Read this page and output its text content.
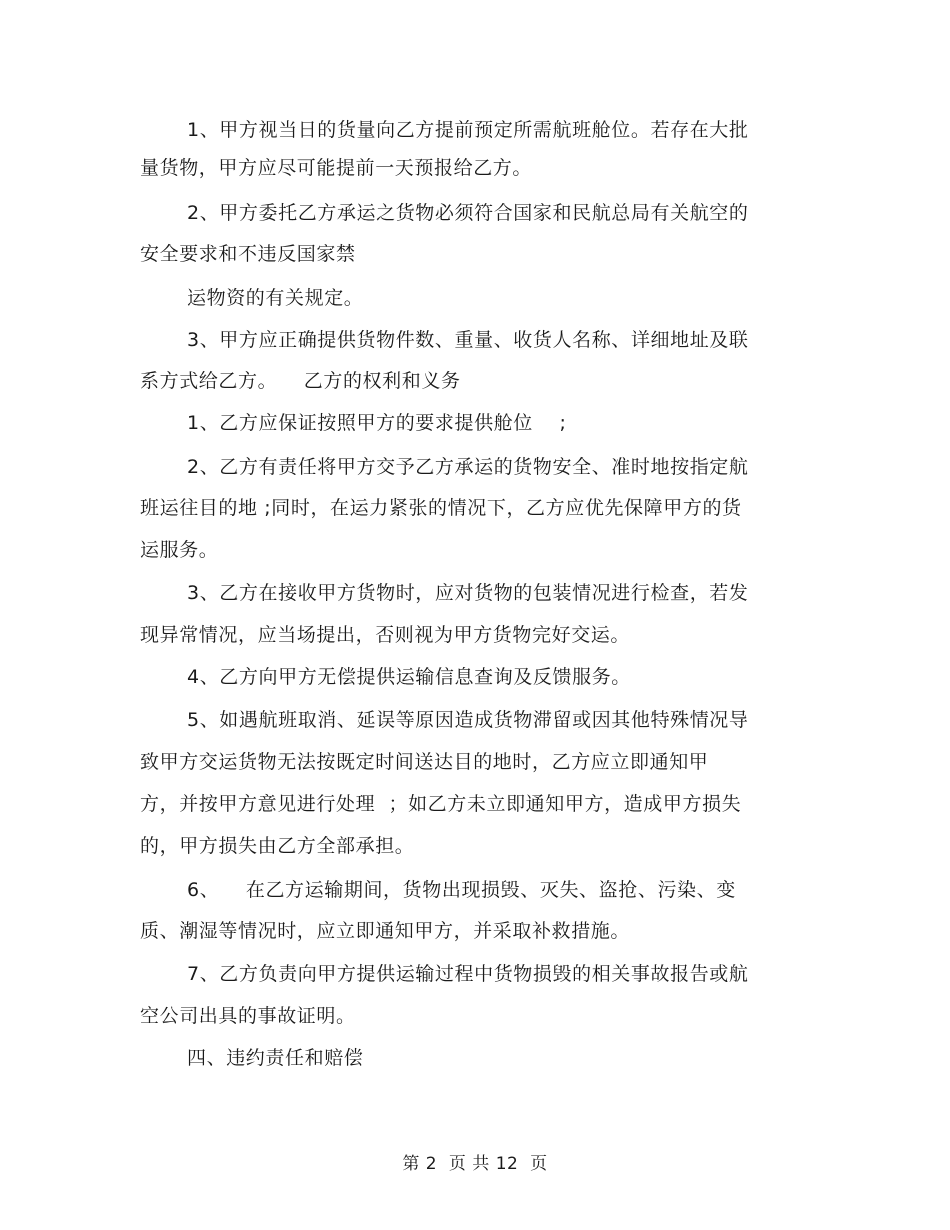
1、甲方视当日的货量向乙方提前预定所需航班舱位。若存在大批
量货物，甲方应尽可能提前一天预报给乙方。
2、甲方委托乙方承运之货物必须符合国家和民航总局有关航空的
安全要求和不违反国家禁
运物资的有关规定。
3、甲方应正确提供货物件数、重量、收货人名称、详细地址及联
系方式给乙方。    乙方的权利和义务
1、乙方应保证按照甲方的要求提供舱位    ;
2、乙方有责任将甲方交予乙方承运的货物安全、准时地按指定航
班运往目的地 ;同时，在运力紧张的情况下，乙方应优先保障甲方的货
运服务。
3、乙方在接收甲方货物时，应对货物的包装情况进行检查，若发
现异常情况，应当场提出，否则视为甲方货物完好交运。
4、乙方向甲方无偿提供运输信息查询及反馈服务。
5、如遇航班取消、延误等原因造成货物滞留或因其他特殊情况导
致甲方交运货物无法按既定时间送达目的地时，乙方应立即通知甲
方，并按甲方意见进行处理  ；如乙方未立即通知甲方，造成甲方损失
的，甲方损失由乙方全部承担。
6、    在乙方运输期间，货物出现损毁、灭失、盗抢、污染、变
质、潮湿等情况时，应立即通知甲方，并采取补救措施。
7、乙方负责向甲方提供运输过程中货物损毁的相关事故报告或航
空公司出具的事故证明。
四、违约责任和赔偿
第 2  页 共 12  页
